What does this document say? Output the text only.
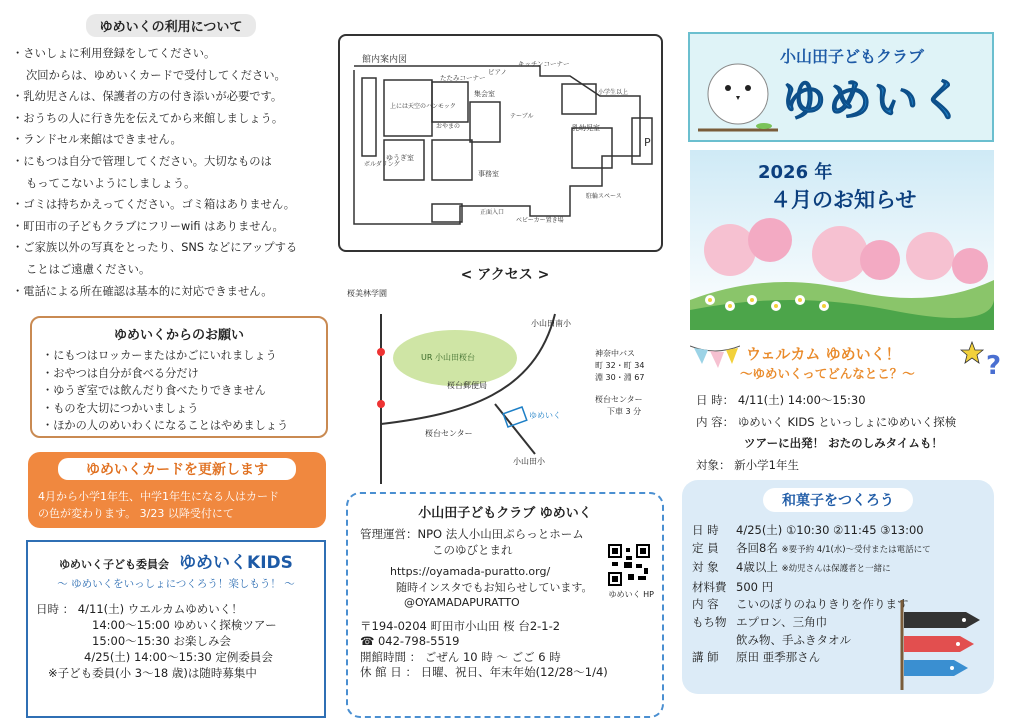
ゆめいくの利用について
・さいしょに利用登録をしてください。
次回からは、ゆめいくカードで受付してください。
・乳幼児さんは、保護者の方の付き添いが必要です。
・おうちの人に行き先を伝えてから来館しましょう。
・ランドセル来館はできません。
・にもつは自分で管理してください。大切なものは
もってこないようにしましょう。
・ゴミは持ちかえってください。ゴミ箱はありません。
・町田市の子どもクラブにフリーwifi はありません。
・ご家族以外の写真をとったり、SNS などにアップする
ことはご遠慮ください。
・電話による所在確認は基本的に対応できません。
ゆめいくからのお願い
・にもつはロッカーまたはかごにいれましょう
・おやつは自分が食べる分だけ
・ゆうぎ室では飲んだり食べたりできません
・ものを大切につかいましょう
・ほかの人のめいわくになることはやめましょう
ゆめいくカードを更新します
4月から小学1年生、中学1年生になる人はカード
の色が変わります。 3/23 以降受付にて
ゆめいく子ども委員会 ゆめいくKIDS
～ ゆめいくをいっしょにつくろう！楽しもう！ ～
日時 ： 4/11(土) ウエルカムゆめいく！
14:00～15:00 ゆめいく探検ツアー
15:00～15:30 お楽しみ会
4/25(土) 14:00～15:30 定例委員会
※子ども委員(小 3～18 歳)は随時募集中
館内案内図
たたみコーナー
ピアノ
キッチンコーナー
集会室
上には天空のハンモック
おやまの
テーブル
乳幼児室
小学生以上
ボルダリング
ゆうぎ室
事務室
正面入口
ベビーカー置き場
駐輪スペース
P
< アクセス >
桜美林学園
小山田南小
UR 小山田桜台
桜台郵便局
桜台センター
小山田小
ゆめいく
神奈中バス
町 32・町 34
淵 30・淵 67
桜台センター
下車 3 分
小山田子どもクラブ ゆめいく
管理運営：NPO 法人小山田ぷらっとホーム
このゆびとまれ
https://oyamada-puratto.org/
随時インスタでもお知らせしています。
@OYAMADAPURATTO
〒194-0204 町田市小山田 桜 台2-1-2
☎ 042-798-5519
開館時間 ： ごぜん 10 時 ～ ごご 6 時
休 館 日 ： 日曜、祝日、年末年始(12/28～1/4)
ゆめいく HP
小山田子どもクラブ
ゆめいく
2026 年
４月のお知らせ
?
ウェルカム ゆめいく！
～ゆめいくってどんなとこ？～
日 時： 4/11(土) 14:00～15:30
内 容： ゆめいく KIDS といっしょにゆめいく探検
ツアーに出発！ おたのしみタイムも！
対象： 新小学1年生
和菓子をつくろう
日 時 4/25(土) ①10:30 ②11:45 ③13:00
定 員 各回8名 ※要予約 4/1(水)～受付または電話にて
対 象 4歳以上 ※幼児さんは保護者と一緒に
材料費 500 円
内 容 こいのぼりのねりきりを作ります
もち物 エプロン、三角巾
飲み物、手ふきタオル
講 師 原田 亜季那さん
